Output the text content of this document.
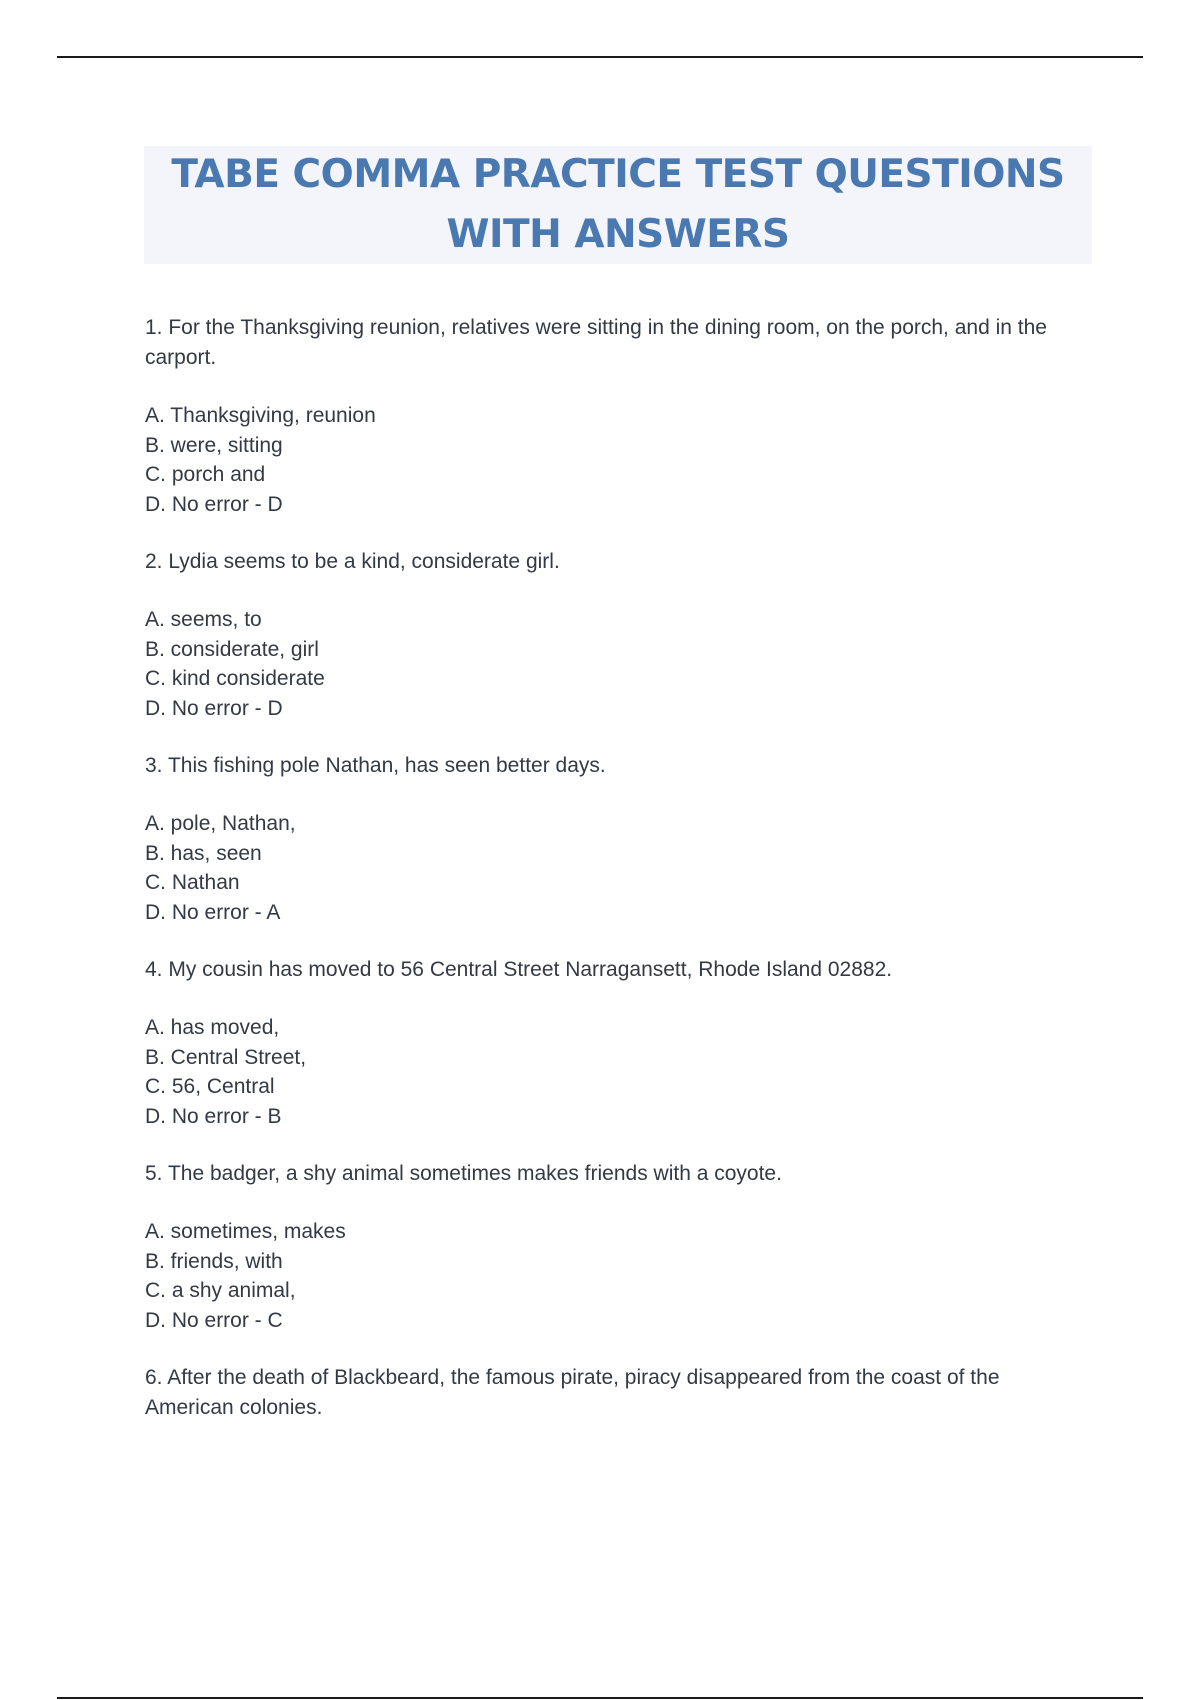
TABE COMMA PRACTICE TEST QUESTIONS WITH ANSWERS

1. For the Thanksgiving reunion, relatives were sitting in the dining room, on the porch, and in the carport.

A. Thanksgiving, reunion
B. were, sitting
C. porch and
D. No error - D

2. Lydia seems to be a kind, considerate girl.

A. seems, to
B. considerate, girl
C. kind considerate
D. No error - D

3. This fishing pole Nathan, has seen better days.

A. pole, Nathan,
B. has, seen
C. Nathan
D. No error - A

4. My cousin has moved to 56 Central Street Narragansett, Rhode Island 02882.

A. has moved,
B. Central Street,
C. 56, Central
D. No error - B

5. The badger, a shy animal sometimes makes friends with a coyote.

A. sometimes, makes
B. friends, with
C. a shy animal,
D. No error - C

6. After the death of Blackbeard, the famous pirate, piracy disappeared from the coast of the American colonies.
